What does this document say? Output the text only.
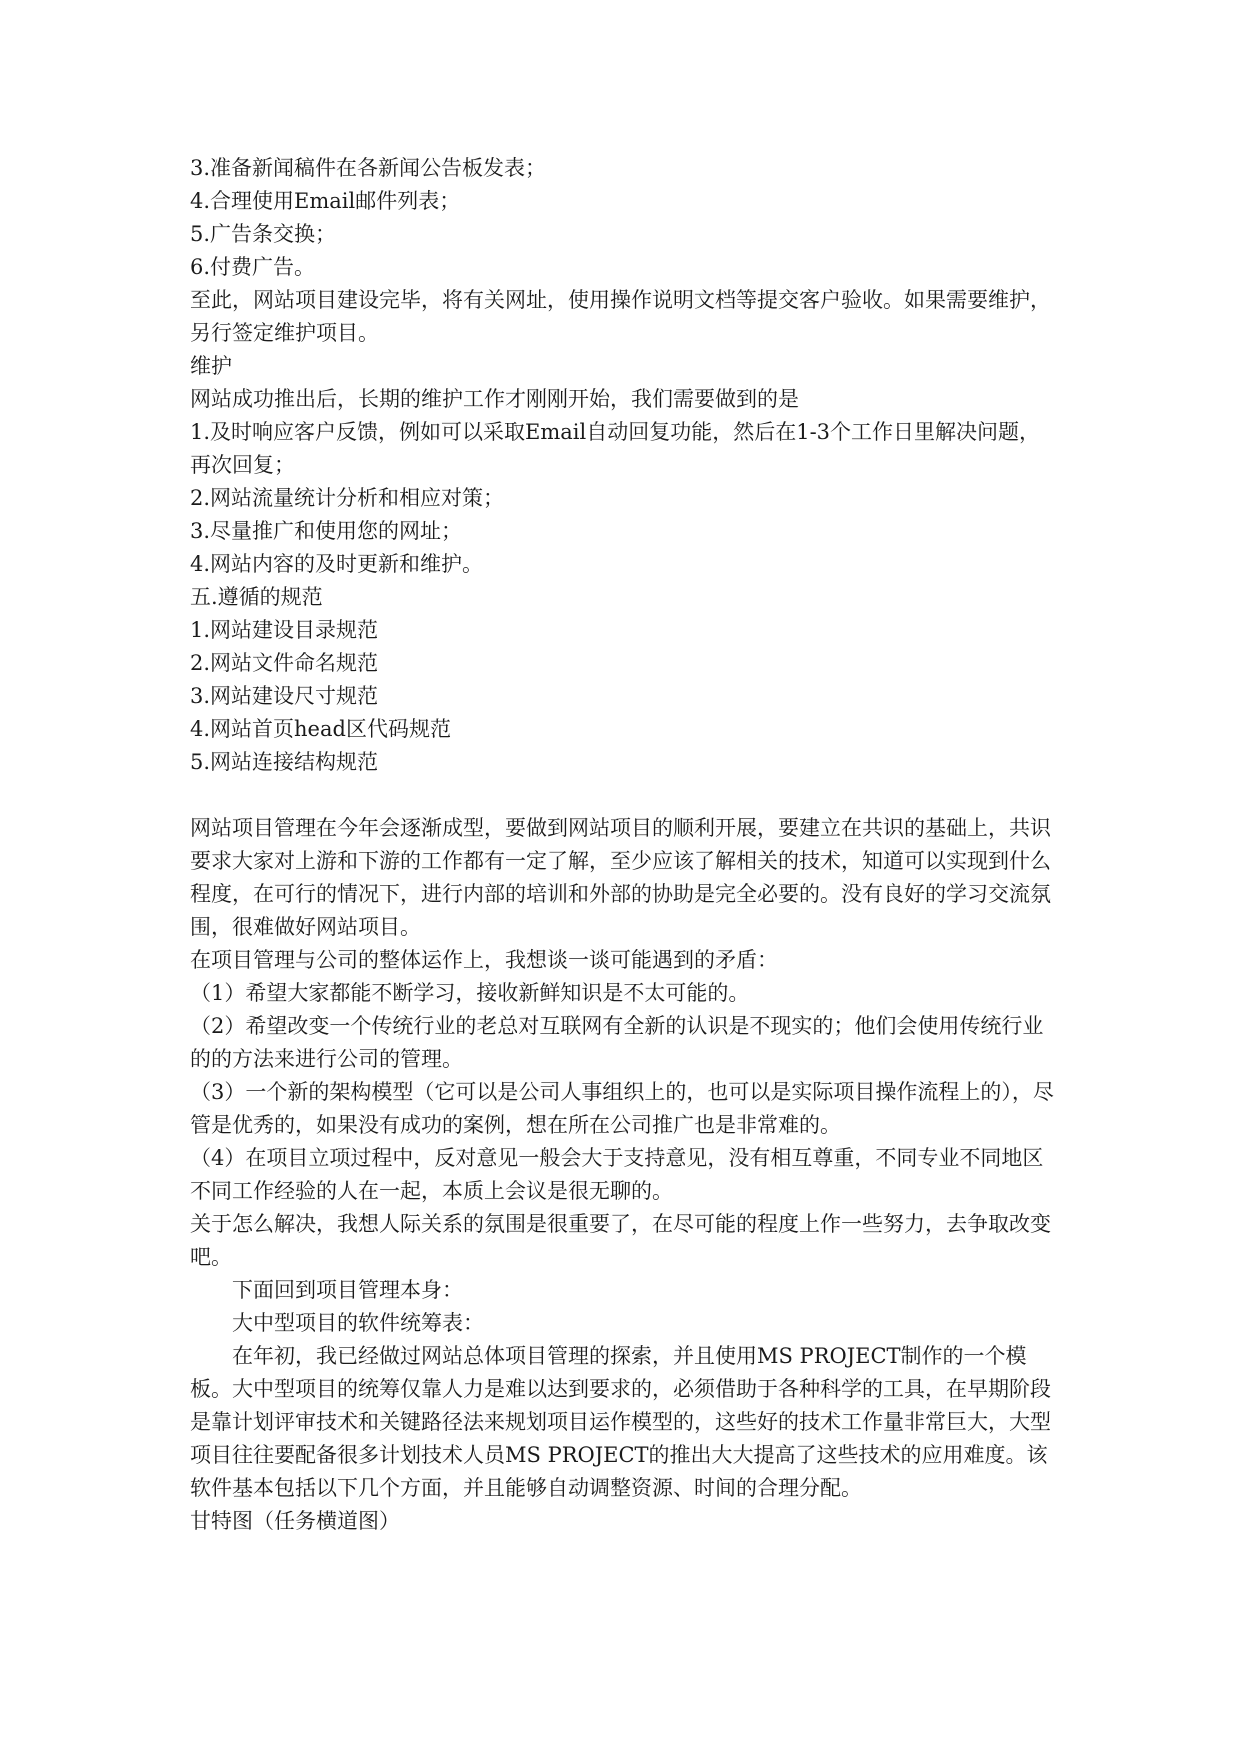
3.准备新闻稿件在各新闻公告板发表；
4.合理使用Email邮件列表；
5.广告条交换；
6.付费广告。
至此，网站项目建设完毕，将有关网址，使用操作说明文档等提交客户验收。如果需要维护，另行签定维护项目。
维护
网站成功推出后，长期的维护工作才刚刚开始，我们需要做到的是
1.及时响应客户反馈，例如可以采取Email自动回复功能，然后在1-3个工作日里解决问题，再次回复；
2.网站流量统计分析和相应对策；
3.尽量推广和使用您的网址；
4.网站内容的及时更新和维护。
五.遵循的规范
1.网站建设目录规范
2.网站文件命名规范
3.网站建设尺寸规范
4.网站首页head区代码规范
5.网站连接结构规范
网站项目管理在今年会逐渐成型，要做到网站项目的顺利开展，要建立在共识的基础上，共识要求大家对上游和下游的工作都有一定了解，至少应该了解相关的技术，知道可以实现到什么程度，在可行的情况下，进行内部的培训和外部的协助是完全必要的。没有良好的学习交流氛围，很难做好网站项目。
在项目管理与公司的整体运作上，我想谈一谈可能遇到的矛盾：
（1）希望大家都能不断学习，接收新鲜知识是不太可能的。
（2）希望改变一个传统行业的老总对互联网有全新的认识是不现实的；他们会使用传统行业的的方法来进行公司的管理。
（3）一个新的架构模型（它可以是公司人事组织上的，也可以是实际项目操作流程上的），尽管是优秀的，如果没有成功的案例，想在所在公司推广也是非常难的。
（4）在项目立项过程中，反对意见一般会大于支持意见，没有相互尊重，不同专业不同地区不同工作经验的人在一起，本质上会议是很无聊的。
关于怎么解决，我想人际关系的氛围是很重要了，在尽可能的程度上作一些努力，去争取改变吧。
下面回到项目管理本身：
大中型项目的软件统筹表：
在年初，我已经做过网站总体项目管理的探索，并且使用MS PROJECT制作的一个模板。大中型项目的统筹仅靠人力是难以达到要求的，必须借助于各种科学的工具，在早期阶段是靠计划评审技术和关键路径法来规划项目运作模型的，这些好的技术工作量非常巨大，大型项目往往要配备很多计划技术人员MS PROJECT的推出大大提高了这些技术的应用难度。该软件基本包括以下几个方面，并且能够自动调整资源、时间的合理分配。
甘特图（任务横道图）
